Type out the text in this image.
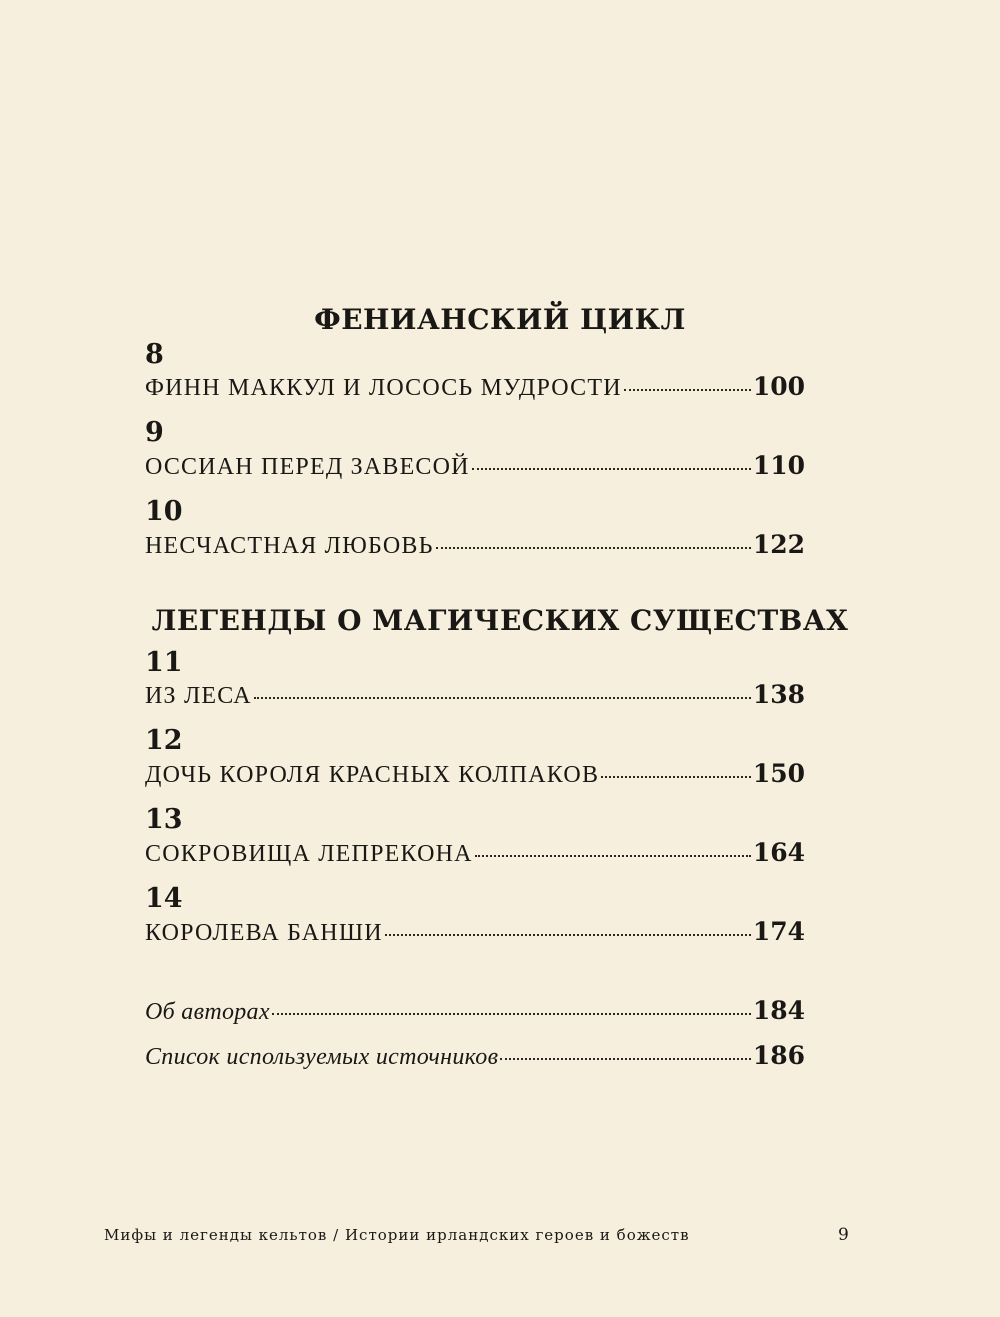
ФЕНИАНСКИЙ ЦИКЛ
8
ФИНН МАККУЛ И ЛОСОСЬ МУДРОСТИ	100
9
ОССИАН ПЕРЕД ЗАВЕСОЙ	110
10
НЕСЧАСТНАЯ ЛЮБОВЬ	122
ЛЕГЕНДЫ О МАГИЧЕСКИХ СУЩЕСТВАХ
11
ИЗ ЛЕСА	138
12
ДОЧЬ КОРОЛЯ КРАСНЫХ КОЛПАКОВ	150
13
СОКРОВИЩА ЛЕПРЕКОНА	164
14
КОРОЛЕВА БАНШИ	174
Об авторах	184
Список используемых источников	186
Мифы и легенды кельтов / Истории ирландских героев и божеств	9
